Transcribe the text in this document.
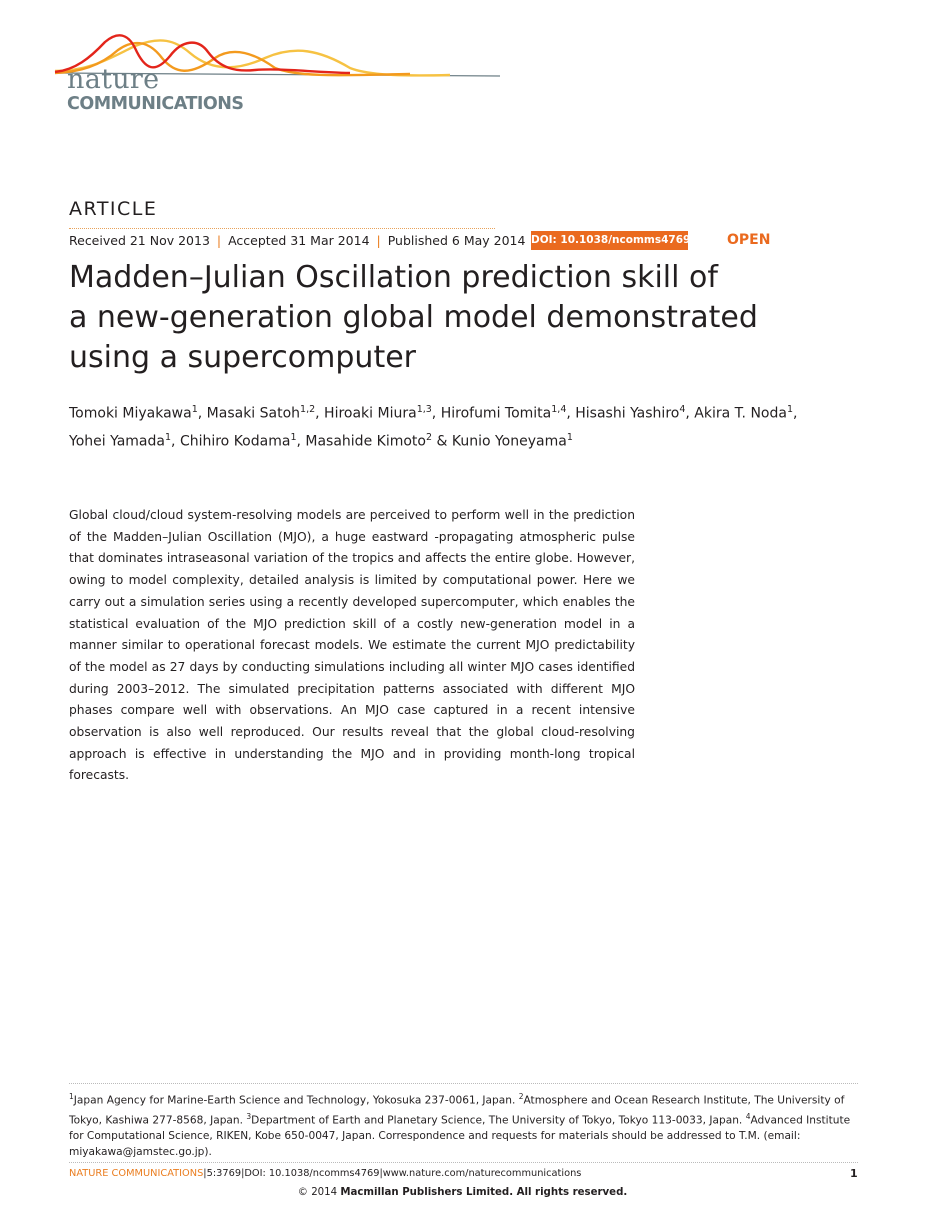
nature
COMMUNICATIONS
ARTICLE
Received 21 Nov 2013 | Accepted 31 Mar 2014 | Published 6 May 2014 DOI: 10.1038/ncomms4769	OPEN
Madden–Julian Oscillation prediction skill of
a new-generation global model demonstrated
using a supercomputer
Tomoki Miyakawa$^1$, Masaki Satoh$^{1,2}$, Hiroaki Miura$^{1,3}$, Hirofumi Tomita$^{1,4}$, Hisashi Yashiro$^4$, Akira T. Noda$^1$,
Yohei Yamada$^1$, Chihiro Kodama$^1$, Masahide Kimoto$^2$ & Kunio Yoneyama$^1$
Global cloud/cloud system-resolving models are perceived to perform well in the prediction of the Madden–Julian Oscillation (MJO), a huge eastward -propagating atmospheric pulse that dominates intraseasonal variation of the tropics and affects the entire globe. However, owing to model complexity, detailed analysis is limited by computational power. Here we carry out a simulation series using a recently developed supercomputer, which enables the statistical evaluation of the MJO prediction skill of a costly new-generation model in a manner similar to operational forecast models. We estimate the current MJO predictability of the model as 27 days by conducting simulations including all winter MJO cases identified during 2003–2012. The simulated precipitation patterns associated with different MJO phases compare well with observations. An MJO case captured in a recent intensive observation is also well reproduced. Our results reveal that the global cloud-resolving approach is effective in understanding the MJO and in providing month-long tropical forecasts.
$^1$Japan Agency for Marine-Earth Science and Technology, Yokosuka 237-0061, Japan. $^2$Atmosphere and Ocean Research Institute, The University of Tokyo, Kashiwa 277-8568, Japan. $^3$Department of Earth and Planetary Science, The University of Tokyo, Tokyo 113-0033, Japan. $^4$Advanced Institute for Computational Science, RIKEN, Kobe 650-0047, Japan. Correspondence and requests for materials should be addressed to T.M. (email: miyakawa@jamstec.go.jp).
NATURE COMMUNICATIONS|5:3769|DOI: 10.1038/ncomms4769|www.nature.com/naturecommunications	1
© 2014 Macmillan Publishers Limited. All rights reserved.
